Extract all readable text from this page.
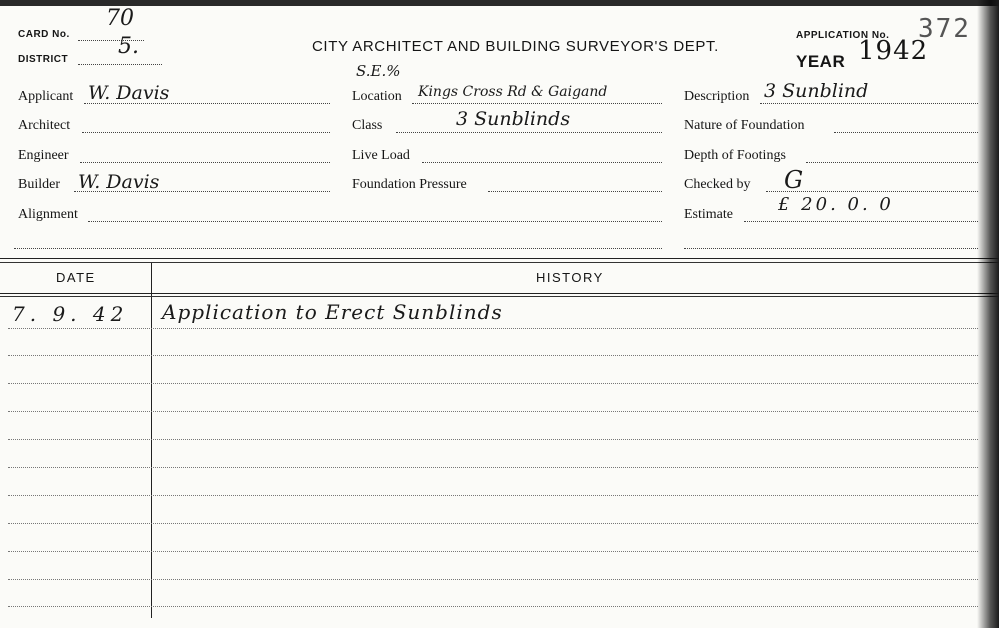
CARD No.
70
DISTRICT
5.	CITY ARCHITECT AND BUILDING SURVEYOR'S DEPT.
S.E.%
APPLICATION No. 372
YEAR 1942
Applicant W. Davis
Architect
Engineer
Builder W. Davis
Alignment
Location Kings Cross Rd & Gaigand
Class	3 Sunblinds
Live Load
Foundation Pressure
Description 3 Sunblind
Nature of Foundation
Depth of Footings
Checked by G
Estimate	£ 20. 0. 0
DATE	HISTORY
7. 9. 42 Application to Erect Sunblinds
